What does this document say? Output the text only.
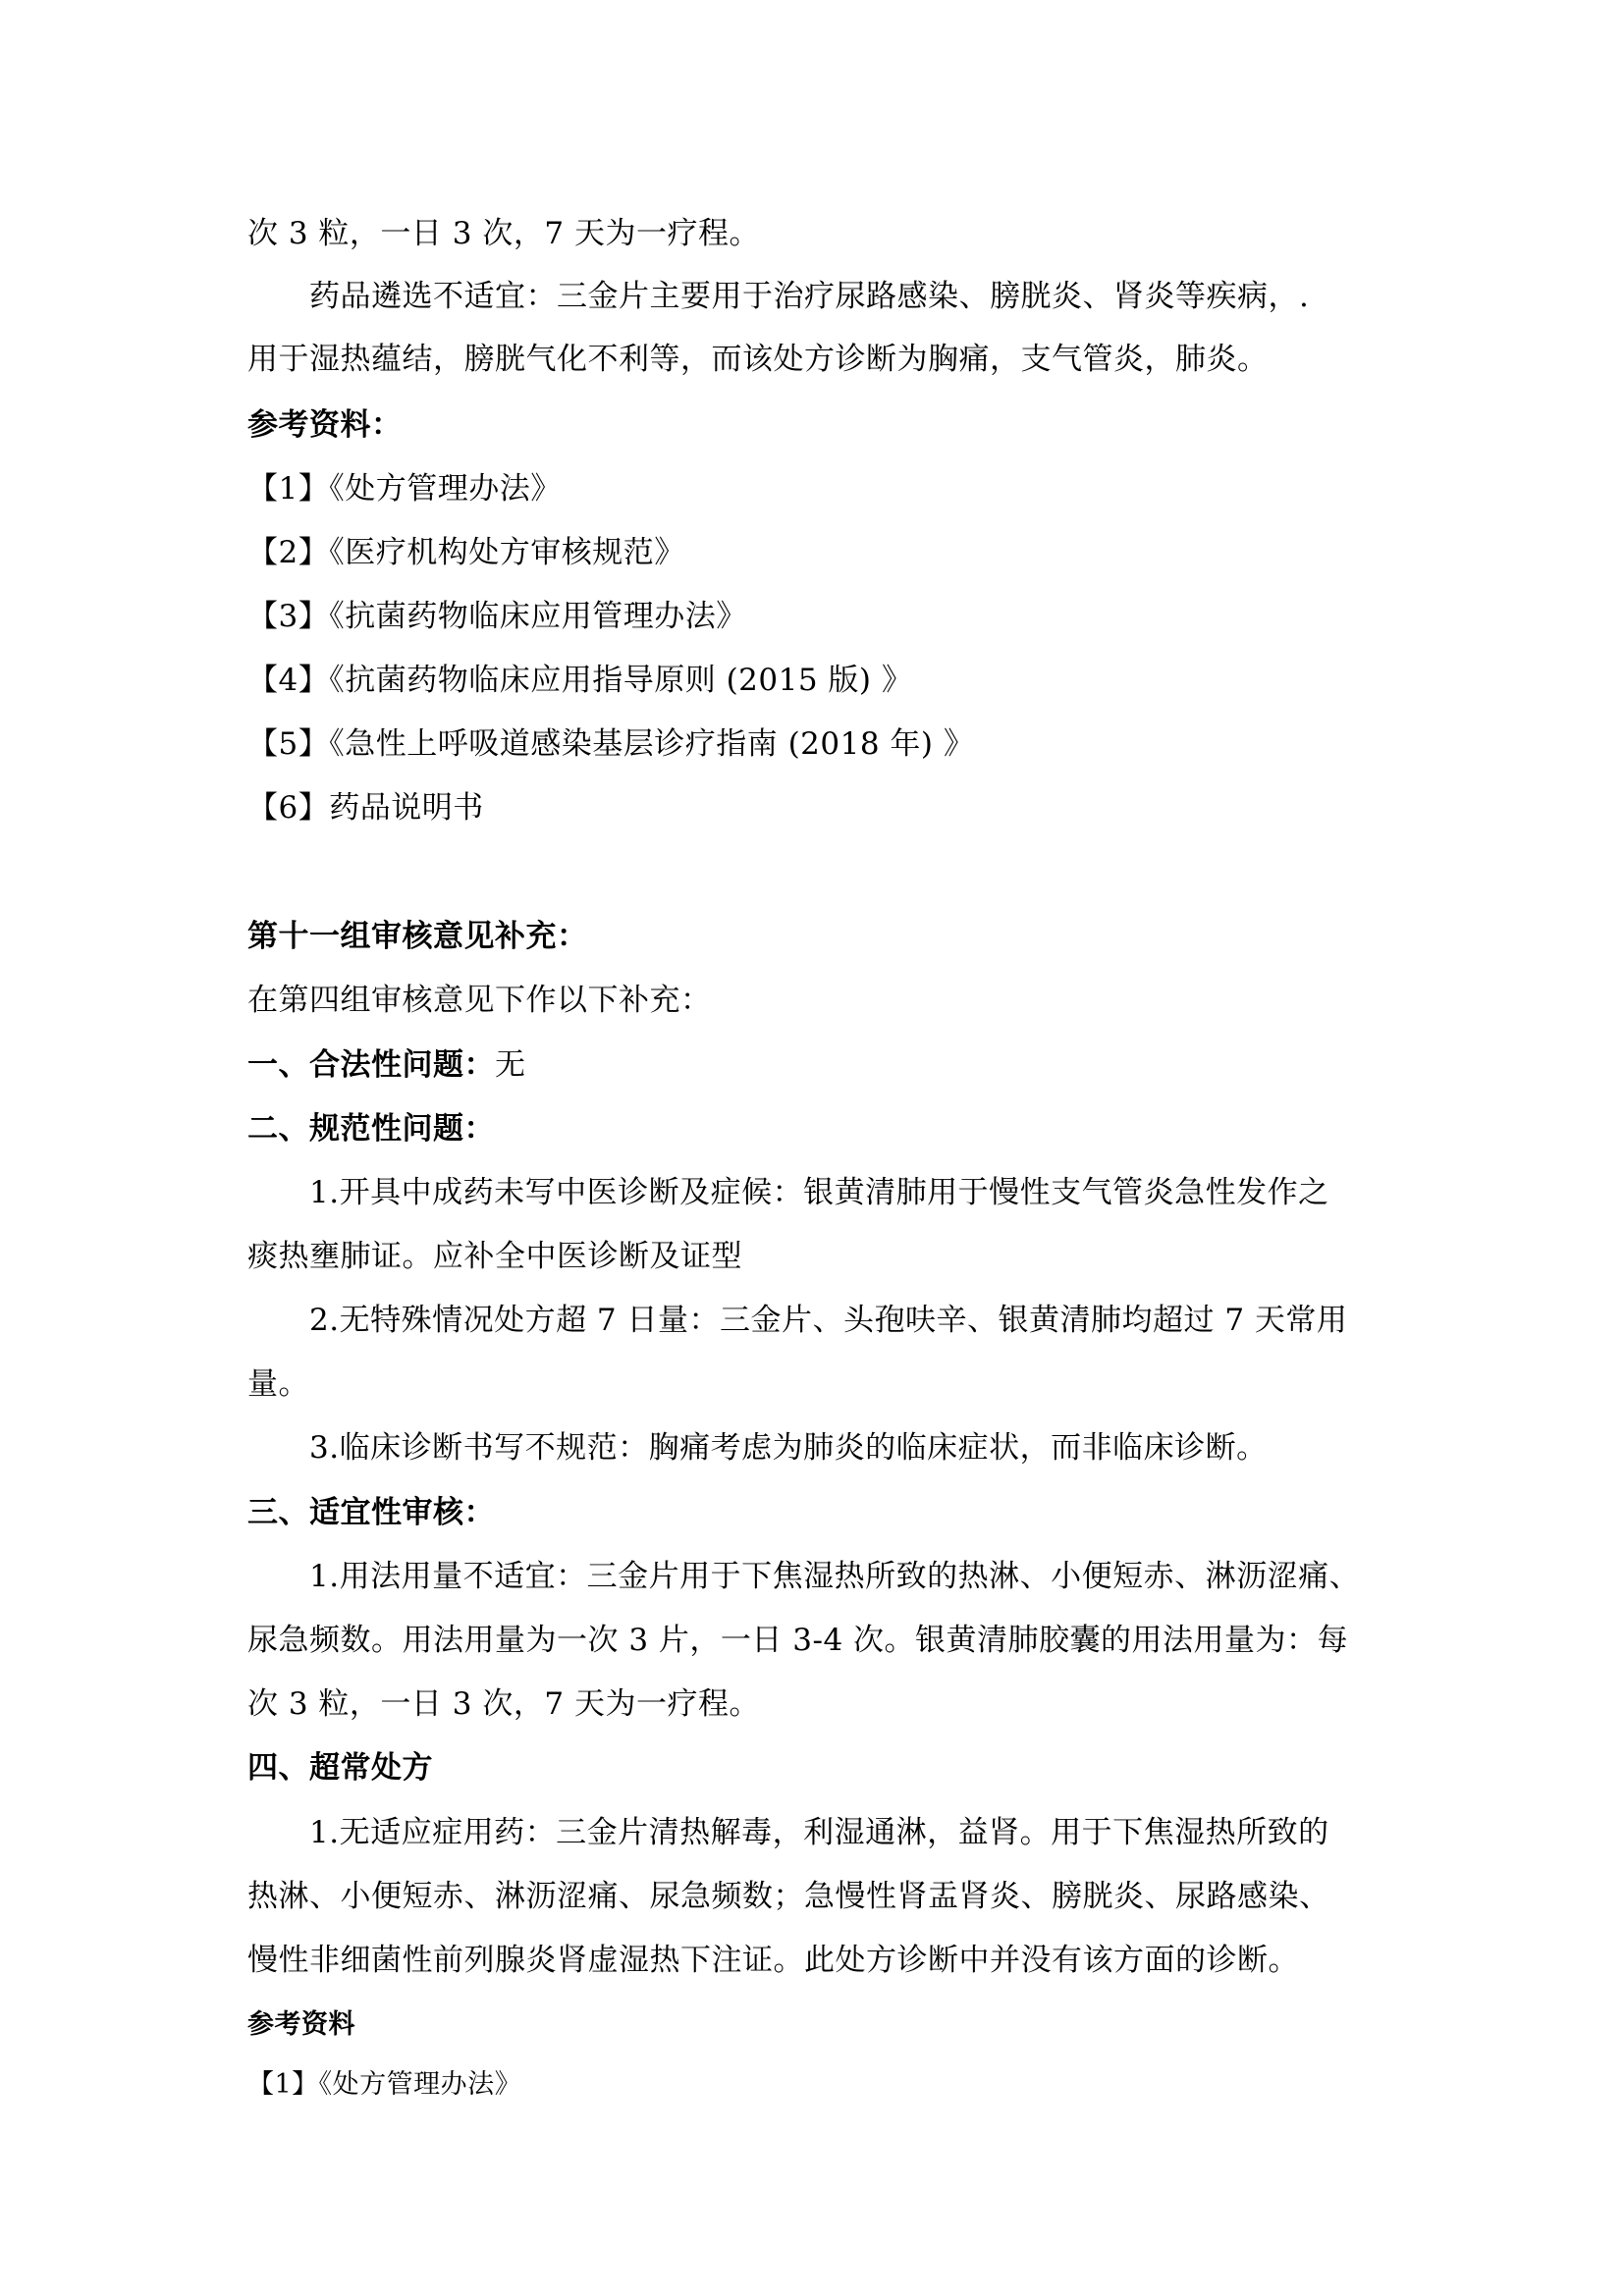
次 3 粒，一日 3 次，7 天为一疗程。
药品遴选不适宜：三金片主要用于治疗尿路感染、膀胱炎、肾炎等疾病，.
用于湿热蕴结，膀胱气化不利等，而该处方诊断为胸痛，支气管炎，肺炎。
参考资料：
【1】《处方管理办法》
【2】《医疗机构处方审核规范》
【3】《抗菌药物临床应用管理办法》
【4】《抗菌药物临床应用指导原则 (2015 版) 》
【5】《急性上呼吸道感染基层诊疗指南 (2018 年) 》
【6】药品说明书
第十一组审核意见补充：
在第四组审核意见下作以下补充：
一、合法性问题：无
二、规范性问题：
1.开具中成药未写中医诊断及症候：银黄清肺用于慢性支气管炎急性发作之
痰热壅肺证。应补全中医诊断及证型
2.无特殊情况处方超 7 日量：三金片、头孢呋辛、银黄清肺均超过 7 天常用
量。
3.临床诊断书写不规范：胸痛考虑为肺炎的临床症状，而非临床诊断。
三、适宜性审核：
1.用法用量不适宜：三金片用于下焦湿热所致的热淋、小便短赤、淋沥涩痛、
尿急频数。用法用量为一次 3 片，一日 3-4 次。银黄清肺胶囊的用法用量为：每
次 3 粒，一日 3 次，7 天为一疗程。
四、超常处方
1.无适应症用药：三金片清热解毒，利湿通淋，益肾。用于下焦湿热所致的
热淋、小便短赤、淋沥涩痛、尿急频数；急慢性肾盂肾炎、膀胱炎、尿路感染、
慢性非细菌性前列腺炎肾虚湿热下注证。此处方诊断中并没有该方面的诊断。
参考资料
【1】《处方管理办法》
